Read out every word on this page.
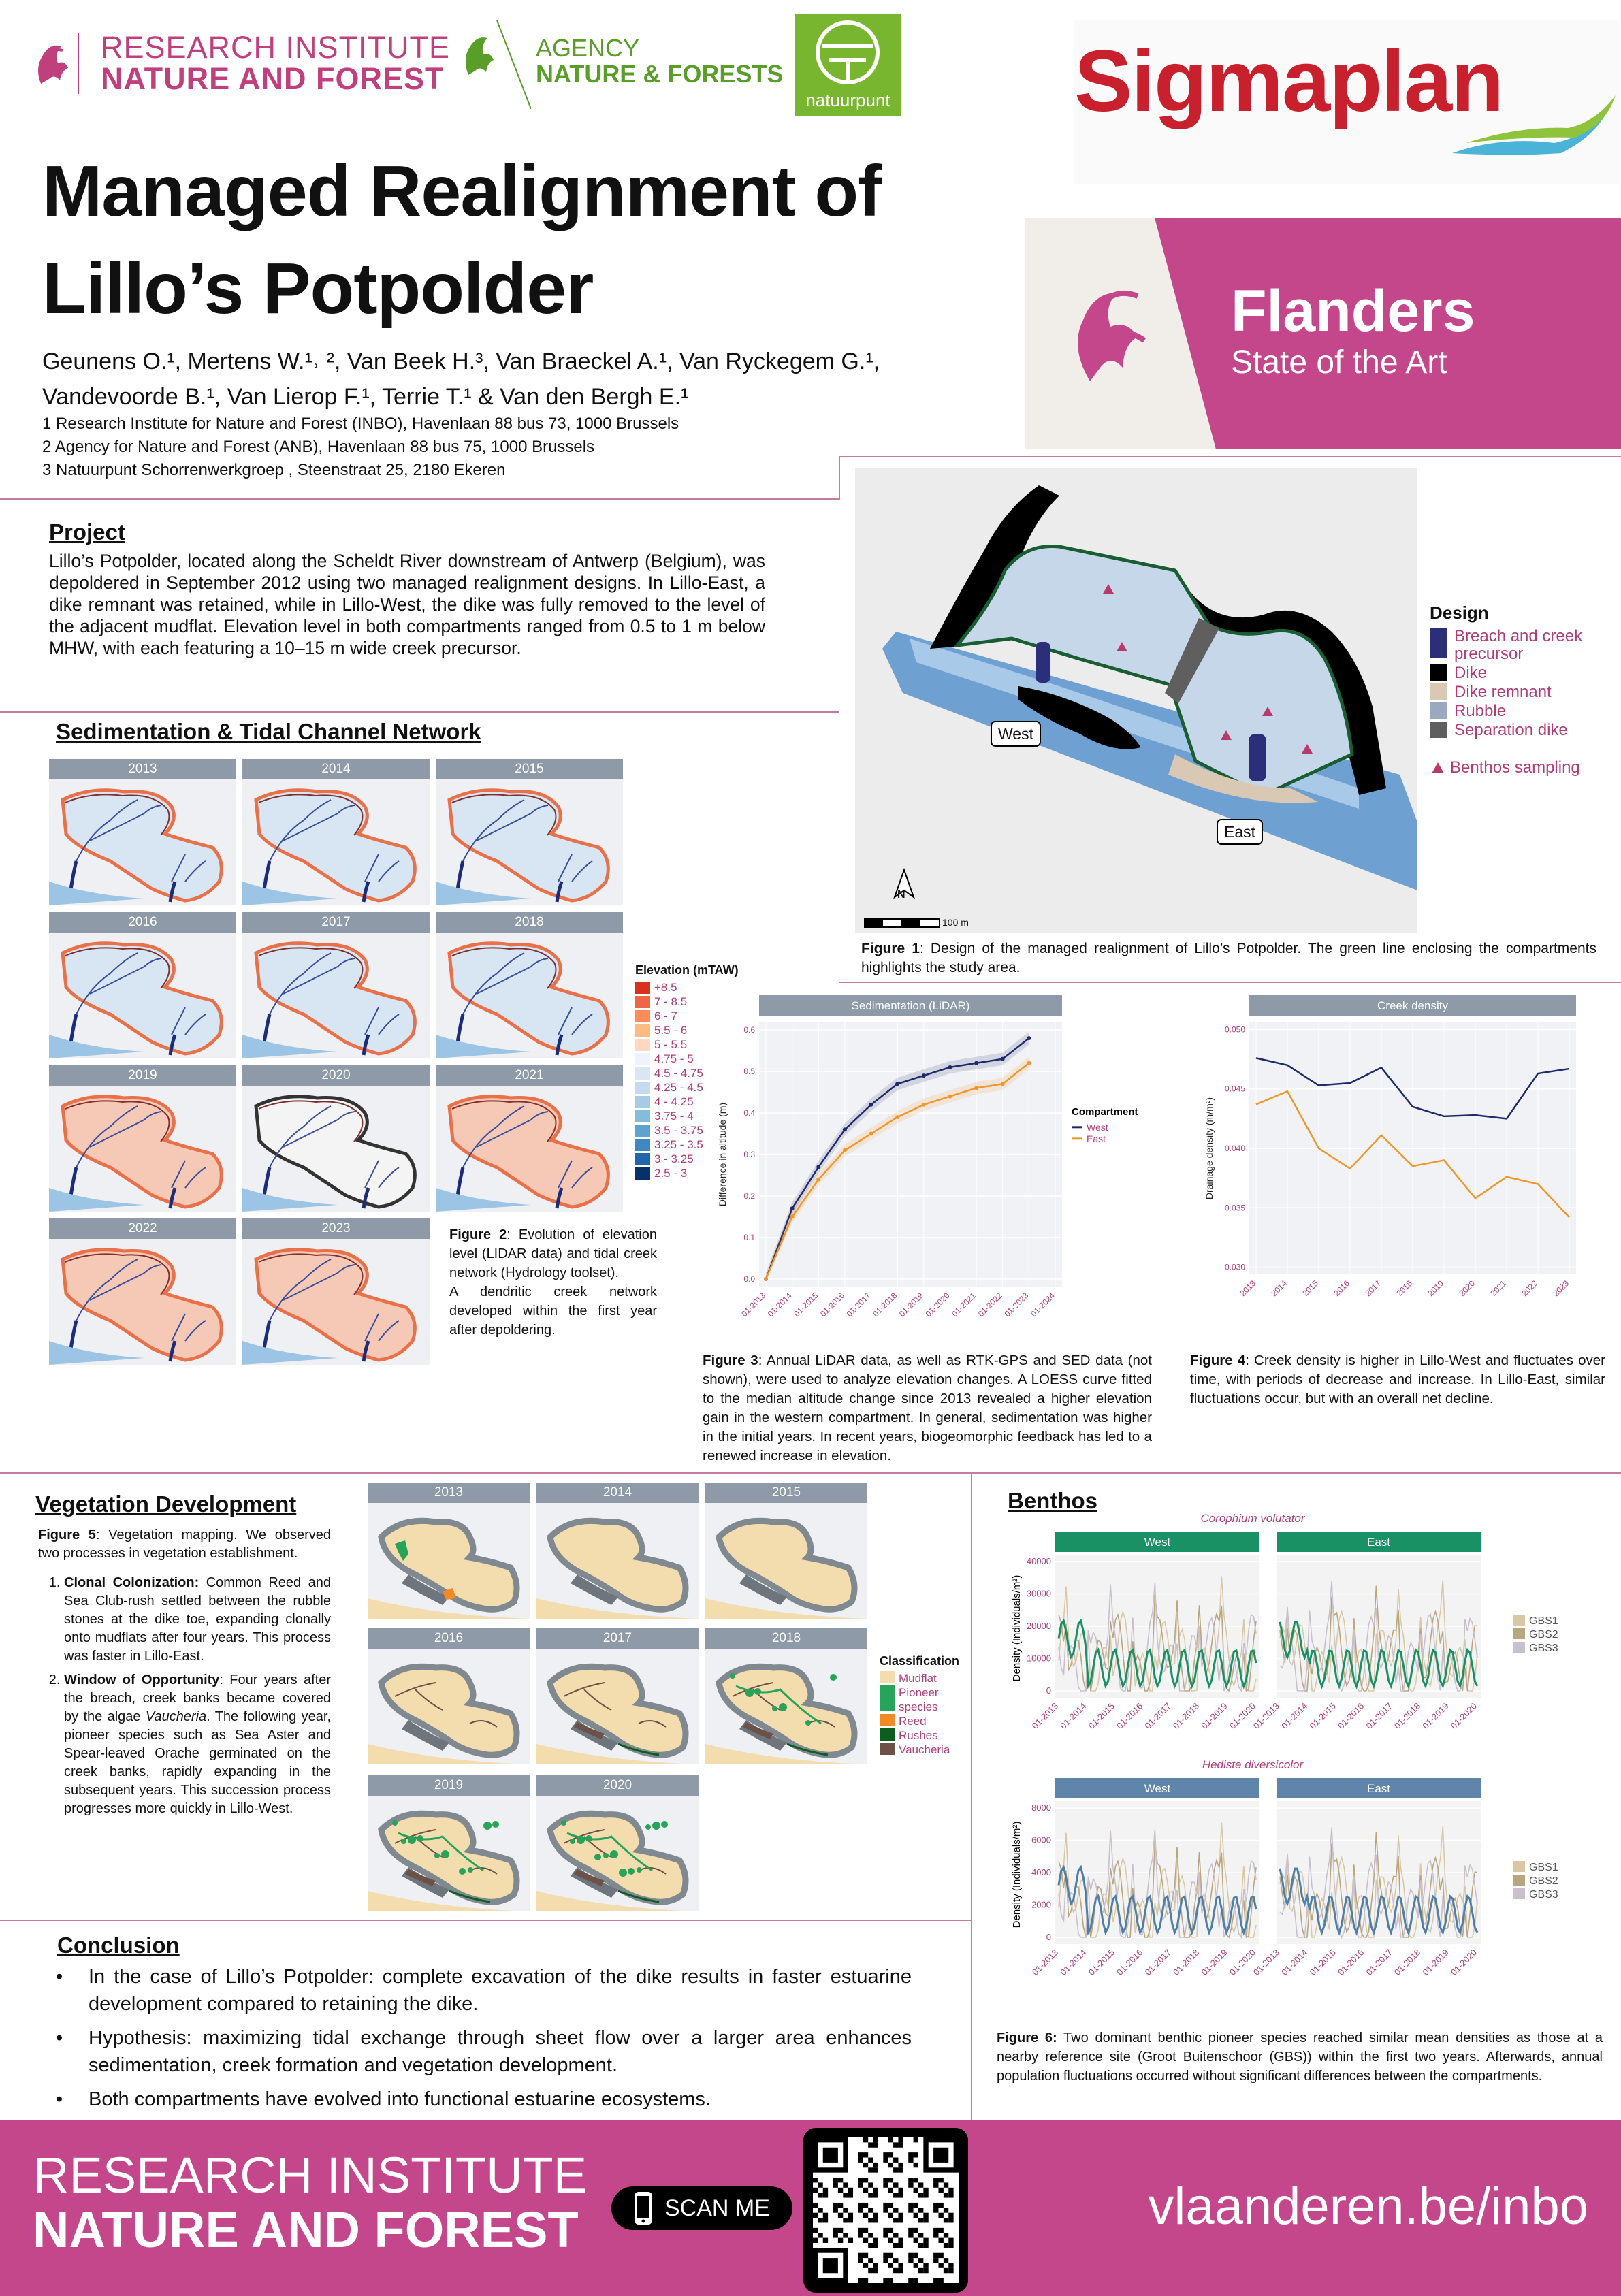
RESEARCH INSTITUTE
NATURE AND FOREST
AGENCY
NATURE & FORESTS
natuurpunt Sigmaplan
Flanders
State of the Art
Managed Realignment of
Lillo’s Potpolder
Geunens O.¹, Mertens W.¹˒ ², Van Beek H.³, Van Braeckel A.¹, Van Ryckegem G.¹,
Vandevoorde B.¹, Van Lierop F.¹, Terrie T.¹ & Van den Bergh E.¹
1 Research Institute for Nature and Forest (INBO), Havenlaan 88 bus 73, 1000 Brussels
2 Agency for Nature and Forest (ANB), Havenlaan 88 bus 75, 1000 Brussels
3 Natuurpunt Schorrenwerkgroep , Steenstraat 25, 2180 Ekeren
Project
Lillo’s Potpolder, located along the Scheldt River downstream of Antwerp (Belgium), was depoldered in September 2012 using two managed realignment designs. In Lillo-East, a dike remnant was retained, while in Lillo-West, the dike was fully removed to the level of the adjacent mudflat. Elevation level in both compartments ranged from 0.5 to 1 m below MHW, with each featuring a 10–15 m wide creek precursor.
West
East
N
100 m
Design
Breach and creek precursor
Dike
Dike remnant
Rubble
Separation dike
Benthos sampling
Figure 1: Design of the managed realignment of Lillo’s Potpolder. The green line enclosing the compartments highlights the study area.
Sedimentation & Tidal Channel Network
2013	2014	2015
2016	2017	2018
2019	2020	2021
2022	2023
Elevation (mTAW)
+8.5
7 - 8.5
6 - 7
5.5 - 6
5 - 5.5
4.75 - 5
4.5 - 4.75
4.25 - 4.5
4 - 4.25
3.75 - 4
3.5 - 3.75
3.25 - 3.5
3 - 3.25
2.5 - 3
Figure 2: Evolution of elevation level (LIDAR data) and tidal creek network (Hydrology toolset).
A dendritic creek network developed within the first year after depoldering.
Sedimentation (LiDAR)
0.0
0.1
0.2
0.3
0.4
0.5
0.6
01-2013
01-2014
01-2015
01-2016
01-2017
01-2018
01-2019
01-2020
01-2021
01-2022
01-2023
01-2024
Difference in altitude (m)	Compartment
West
East
Creek density
0.030
0.035
0.040
0.045
0.050
2013 2014 2015 2016 2017 2018 2019 2020 2021 2022 2023
Drainage density (m/m²)
Figure 3: Annual LiDAR data, as well as RTK-GPS and SED data (not shown), were used to analyze elevation changes. A LOESS curve fitted to the median altitude change since 2013 revealed a higher elevation gain in the western compartment. In general, sedimentation was higher in the initial years. In recent years, biogeomorphic feedback has led to a renewed increase in elevation.
Figure 4: Creek density is higher in Lillo-West and fluctuates over time, with periods of decrease and increase. In Lillo-East, similar fluctuations occur, but with an overall net decline.
Vegetation Development
Figure 5: Vegetation mapping. We observed two processes in vegetation establishment.
1. Clonal Colonization: Common Reed and Sea Club-rush settled between the rubble stones at the dike toe, expanding clonally onto mudflats after four years. This process was faster in Lillo-East.
2. Window of Opportunity: Four years after the breach, creek banks became covered by the algae Vaucheria. The following year, pioneer species such as Sea Aster and Spear-leaved Orache germinated on the creek banks, rapidly expanding in the subsequent years. This succession process progresses more quickly in Lillo-West.
2013	2014	2015
2016	2017	2018
2019	2020
Classification
Mudflat
Pioneer species
Reed
Rushes
Vaucheria
Conclusion
• In the case of Lillo’s Potpolder: complete excavation of the dike results in faster estuarine development compared to retaining the dike.
• Hypothesis: maximizing tidal exchange through sheet flow over a larger area enhances sedimentation, creek formation and vegetation development.
• Both compartments have evolved into functional estuarine ecosystems.
Benthos
Corophium volutator
West
0
10000
20000
30000
40000
01-2013
01-2014
01-2015
01-2016
01-2017
01-2018
01-2019
01-2020
East
01-2013
01-2014
01-2015
01-2016
01-2017
01-2018
01-2019
01-2020
Density (Individuals/m²)	GBS1
GBS2
GBS3
Hediste diversicolor
West
0
2000
4000
6000
8000
01-2013
01-2014
01-2015
01-2016
01-2017
01-2018
01-2019
01-2020
East
01-2013
01-2014
01-2015
01-2016
01-2017
01-2018
01-2019
01-2020
Density (Individuals/m²)	GBS1
GBS2
GBS3
Figure 6: Two dominant benthic pioneer species reached similar mean densities as those at a nearby reference site (Groot Buitenschoor (GBS)) within the first two years. Afterwards, annual population fluctuations occurred without significant differences between the compartments.
RESEARCH INSTITUTE
NATURE AND FOREST	SCAN ME	vlaanderen.be/inbo
